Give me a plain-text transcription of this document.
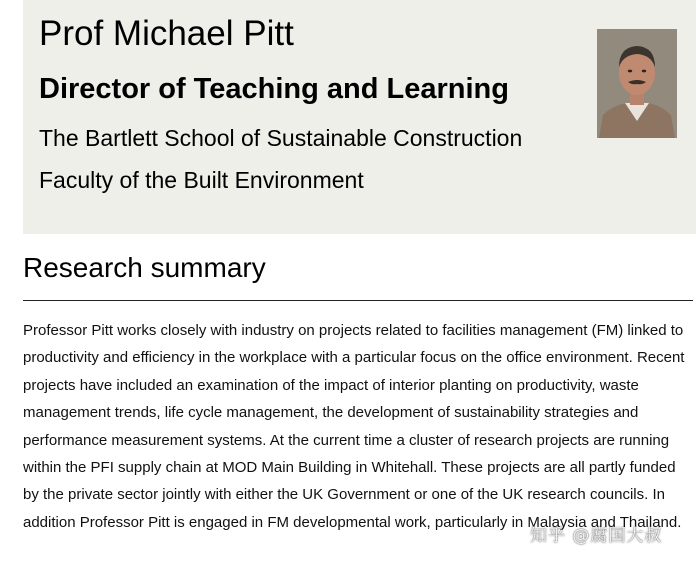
Prof Michael Pitt
Director of Teaching and Learning
The Bartlett School of Sustainable Construction
Faculty of the Built Environment
Research summary

Professor Pitt works closely with industry on projects related to facilities management (FM) linked to productivity and efficiency in the workplace with a particular focus on the office environment. Recent projects have included an examination of the impact of interior planting on productivity, waste management trends, life cycle management, the development of sustainability strategies and performance measurement systems. At the current time a cluster of research projects are running within the PFI supply chain at MOD Main Building in Whitehall. These projects are all partly funded by the private sector jointly with either the UK Government or one of the UK research councils. In addition Professor Pitt is engaged in FM developmental work, particularly in Malaysia and Thailand.

知乎 @腐国大叔
